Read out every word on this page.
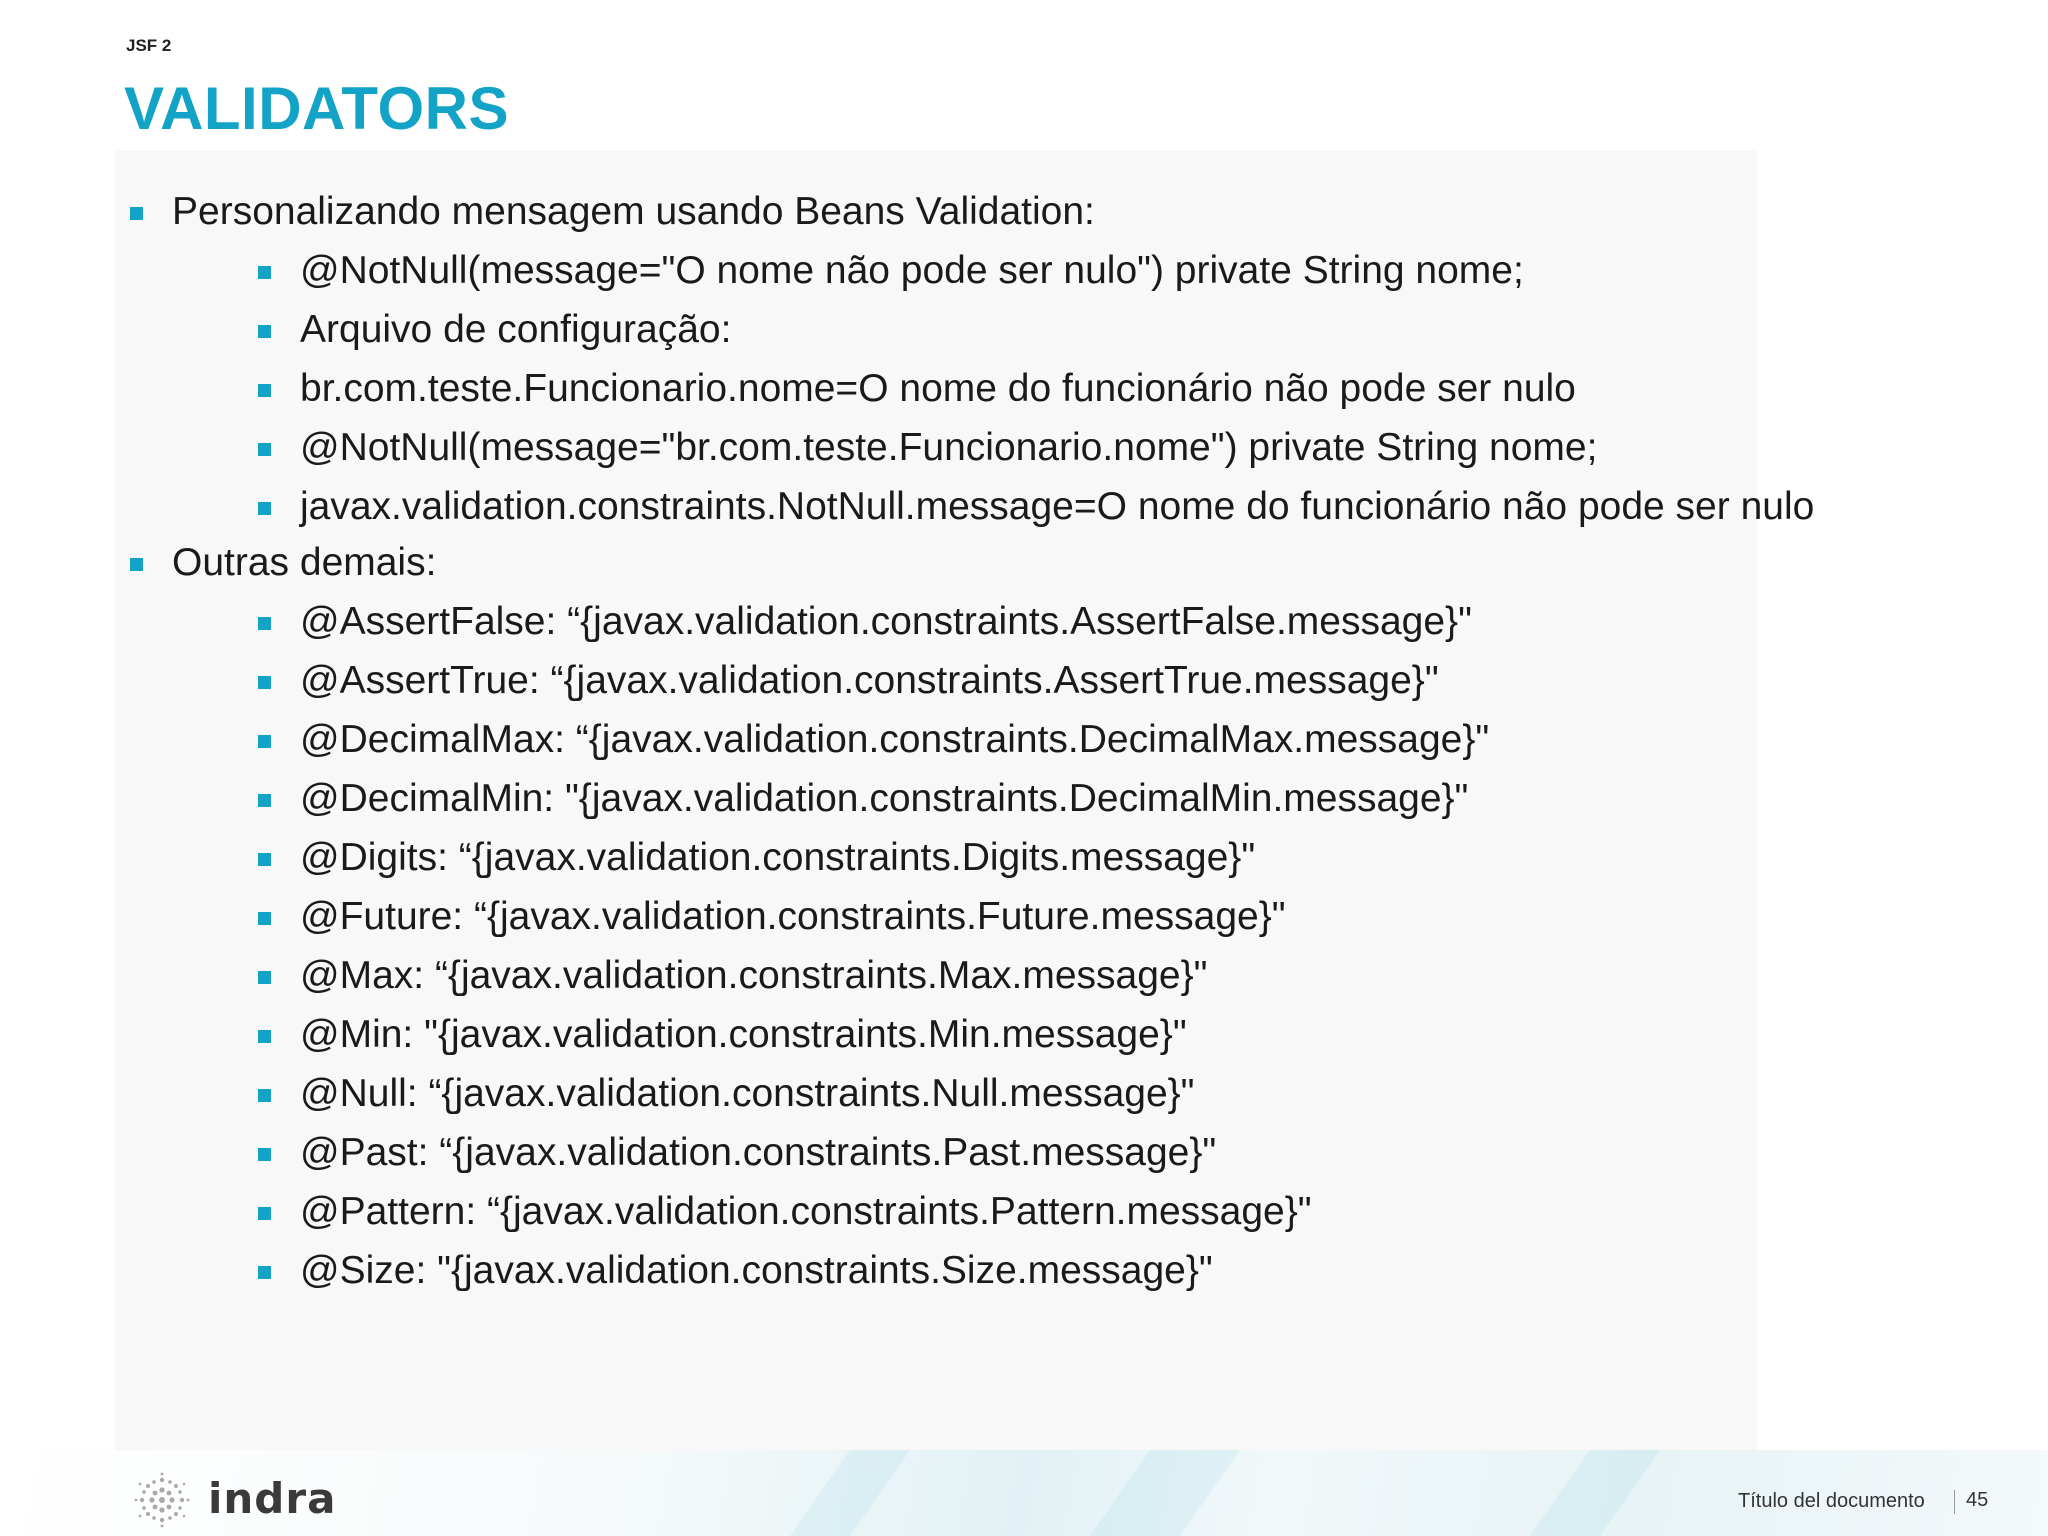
JSF 2
VALIDATORS
Personalizando mensagem usando Beans Validation:
@NotNull(message="O nome não pode ser nulo") private String nome;
Arquivo de configuração:
br.com.teste.Funcionario.nome=O nome do funcionário não pode ser nulo
@NotNull(message="br.com.teste.Funcionario.nome") private String nome;
javax.validation.constraints.NotNull.message=O nome do funcionário não pode ser nulo
Outras demais:
@AssertFalse: “{javax.validation.constraints.AssertFalse.message}"
@AssertTrue: “{javax.validation.constraints.AssertTrue.message}"
@DecimalMax: “{javax.validation.constraints.DecimalMax.message}"
@DecimalMin: "{javax.validation.constraints.DecimalMin.message}"
@Digits: “{javax.validation.constraints.Digits.message}"
@Future: “{javax.validation.constraints.Future.message}"
@Max: “{javax.validation.constraints.Max.message}"
@Min: "{javax.validation.constraints.Min.message}"
@Null: “{javax.validation.constraints.Null.message}"
@Past: “{javax.validation.constraints.Past.message}"
@Pattern: “{javax.validation.constraints.Pattern.message}"
@Size: "{javax.validation.constraints.Size.message}"
indra	Título del documento 45
